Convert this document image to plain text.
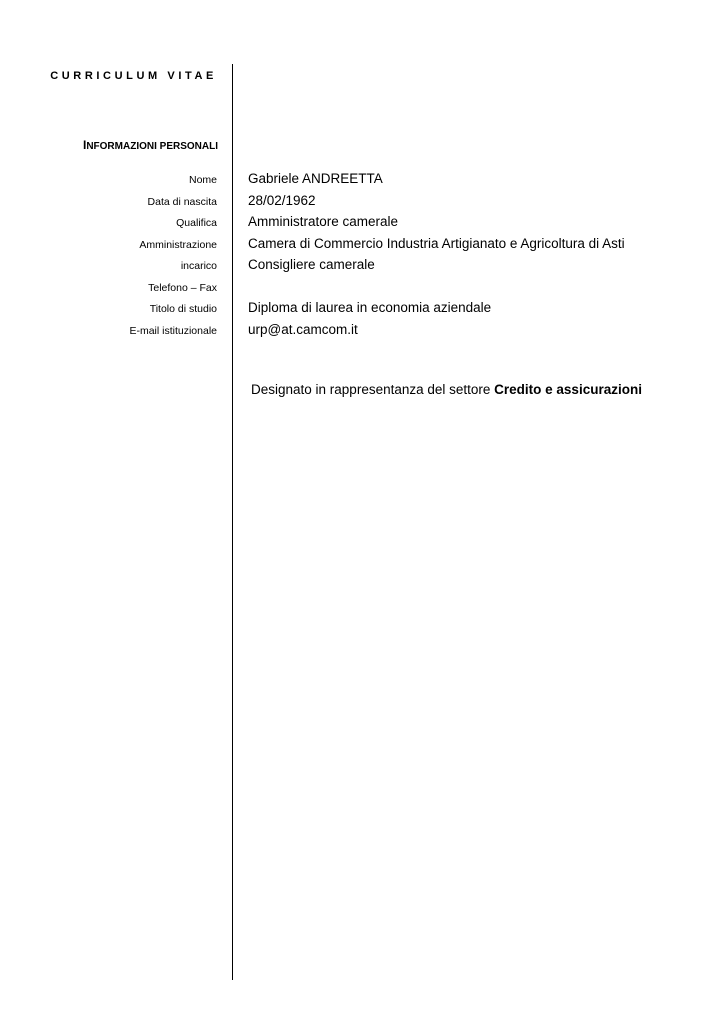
CURRICULUM VITAE
INFORMAZIONI PERSONALI
Nome
Data di nascita
Qualifica
Amministrazione
incarico
Telefono – Fax
Titolo di studio
E-mail istituzionale
Gabriele ANDREETTA
28/02/1962
Amministratore camerale
Camera di Commercio Industria Artigianato e Agricoltura di Asti
Consigliere camerale
Diploma di laurea in economia aziendale
urp@at.camcom.it
Designato in rappresentanza del settore Credito e assicurazioni
